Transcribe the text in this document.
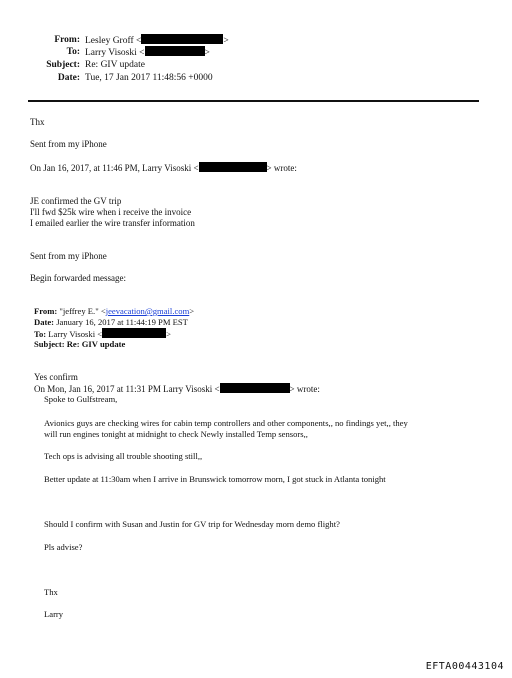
From: Lesley Groff <	>
To: Larry Visoski <	>
Subject: Re: GIV update
Date: Tue, 17 Jan 2017 11:48:56 +0000
Thx
Sent from my iPhone
On Jan 16, 2017, at 11:46 PM, Larry Visoski <	> wrote:
JE confirmed the GV trip
I'll fwd $25k wire when i receive the invoice
I emailed earlier the wire transfer information
Sent from my iPhone
Begin forwarded message:
From: "jeffrey E." <jeevacation@gmail.com>
Date: January 16, 2017 at 11:44:19 PM EST
To: Larry Visoski <	>
Subject: Re: GIV update
Yes confirm
On Mon, Jan 16, 2017 at 11:31 PM Larry Visoski <	> wrote:
Spoke to Gulfstream,
Avionics guys are checking wires for cabin temp controllers and other components,, no findings yet,, they
will run engines tonight at midnight to check Newly installed Temp sensors,,
Tech ops is advising all trouble shooting still,,
Better update at 11:30am when I arrive in Brunswick tomorrow morn, I got stuck in Atlanta tonight
Should I confirm with Susan and Justin for GV trip for Wednesday morn demo flight?
Pls advise?
Thx
Larry
EFTA00443104
